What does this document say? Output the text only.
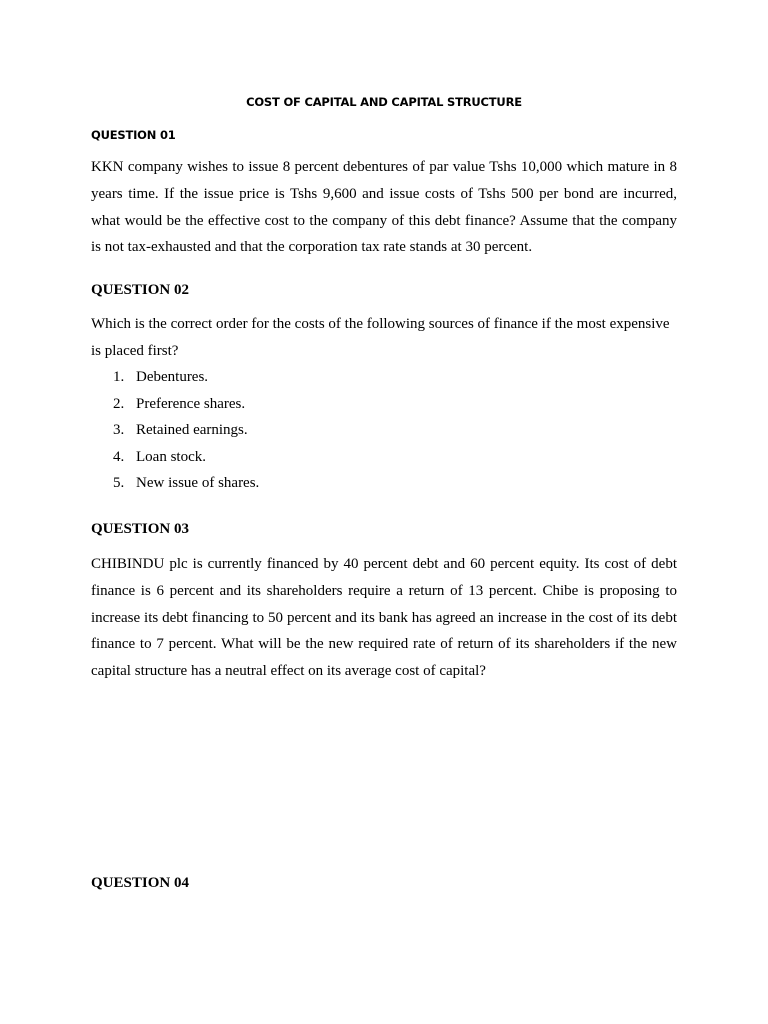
COST OF CAPITAL AND CAPITAL STRUCTURE
QUESTION 01

KKN company wishes to issue 8 percent debentures of par value Tshs 10,000 which mature in 8 years time. If the issue price is Tshs 9,600 and issue costs of Tshs 500 per bond are incurred, what would be the effective cost to the company of this debt finance? Assume that the company is not tax-exhausted and that the corporation tax rate stands at 30 percent.

QUESTION 02

Which is the correct order for the costs of the following sources of finance if the most expensive is placed first?

1. Debentures.
2. Preference shares.
3. Retained earnings.
4. Loan stock.
5. New issue of shares.
QUESTION 03

CHIBINDU plc is currently financed by 40 percent debt and 60 percent equity. Its cost of debt finance is 6 percent and its shareholders require a return of 13 percent. Chibe is proposing to increase its debt financing to 50 percent and its bank has agreed an increase in the cost of its debt finance to 7 percent. What will be the new required rate of return of its shareholders if the new capital structure has a neutral effect on its average cost of capital?

QUESTION 04
